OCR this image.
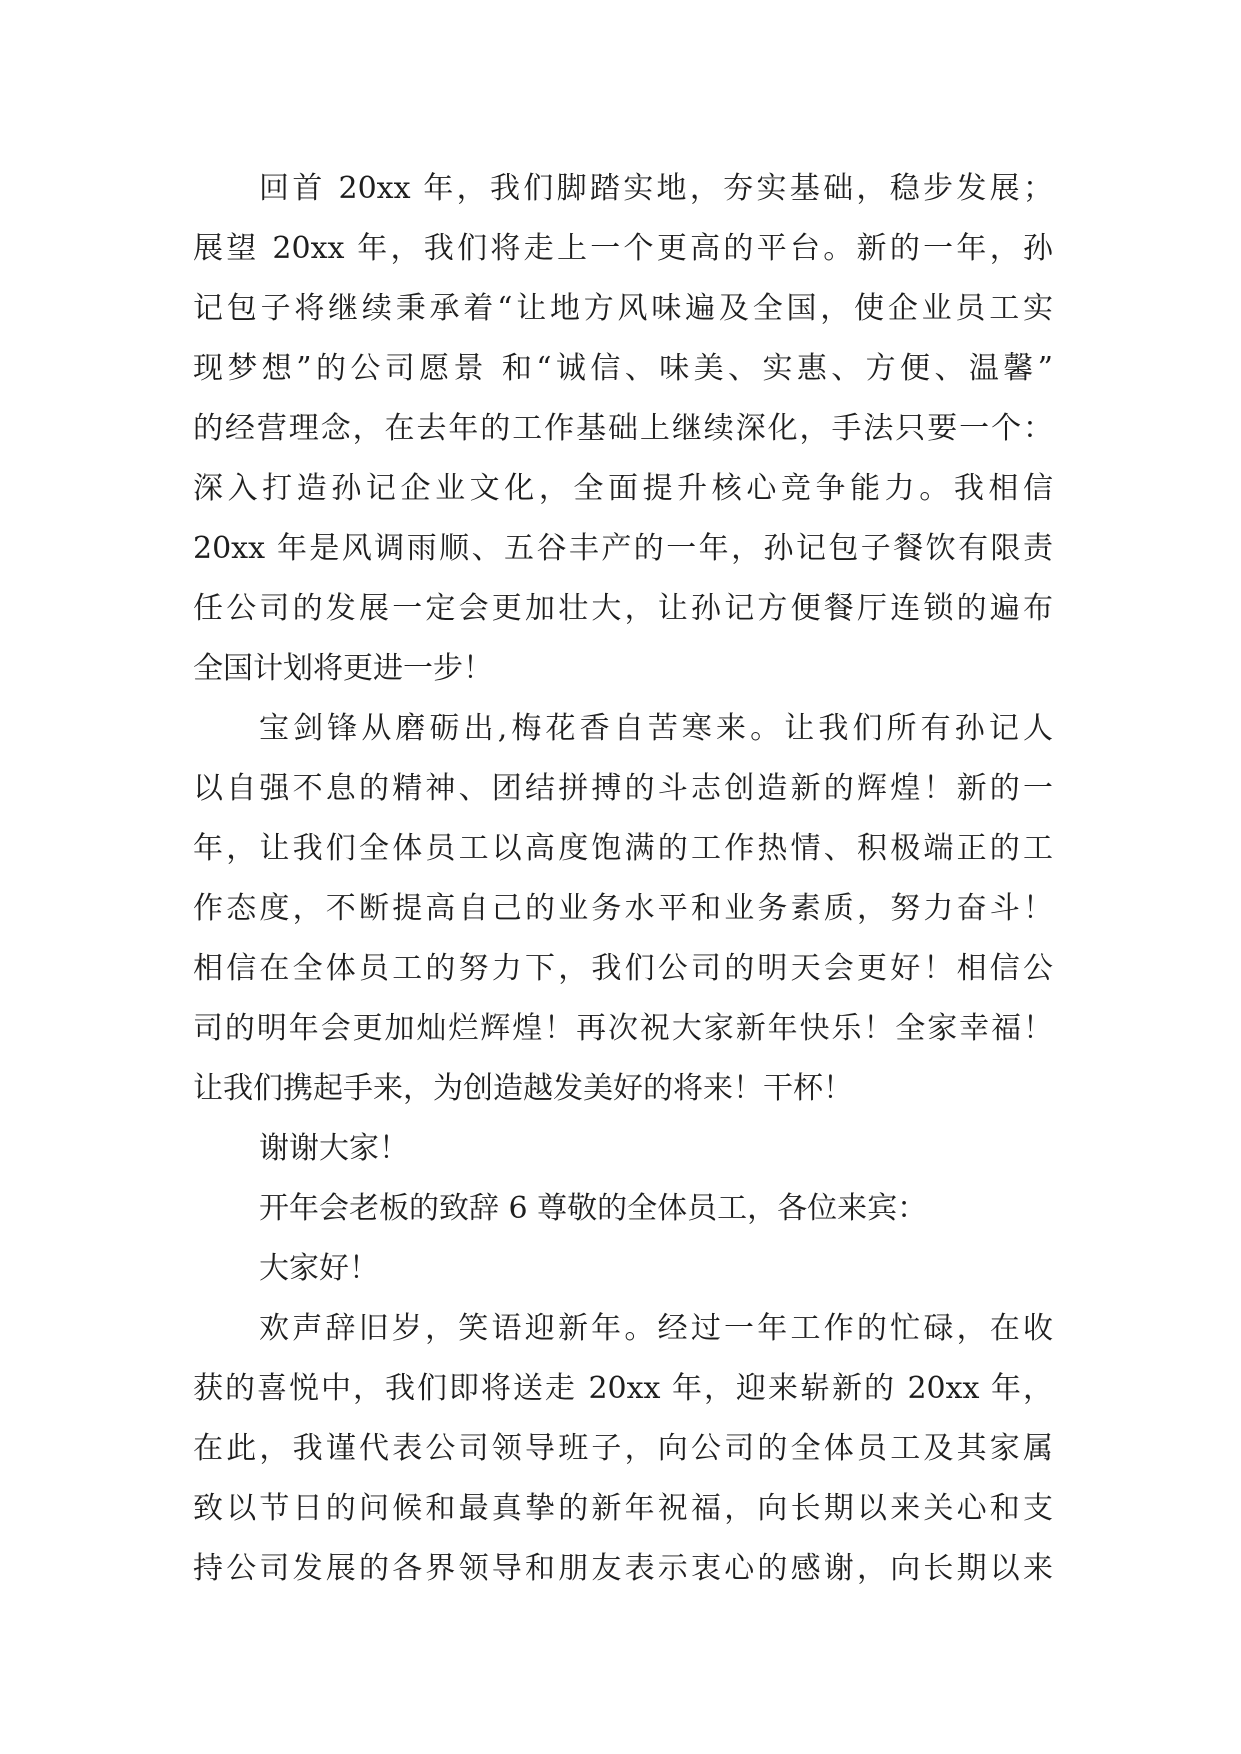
回首 20xx 年，我们脚踏实地，夯实基础，稳步发展；
展望 20xx 年，我们将走上一个更高的平台。新的一年，孙
记包子将继续秉承着“让地方风味遍及全国，使企业员工实
现梦想”的公司愿景 和“诚信、味美、实惠、方便、温馨”
的经营理念，在去年的工作基础上继续深化，手法只要一个：
深入打造孙记企业文化，全面提升核心竞争能力。我相信
20xx 年是风调雨顺、五谷丰产的一年，孙记包子餐饮有限责
任公司的发展一定会更加壮大，让孙记方便餐厅连锁的遍布
全国计划将更进一步！
宝剑锋从磨砺出,梅花香自苦寒来。让我们所有孙记人
以自强不息的精神、团结拼搏的斗志创造新的辉煌！新的一
年，让我们全体员工以高度饱满的工作热情、积极端正的工
作态度，不断提高自己的业务水平和业务素质，努力奋斗！
相信在全体员工的努力下，我们公司的明天会更好！相信公
司的明年会更加灿烂辉煌！再次祝大家新年快乐！全家幸福！
让我们携起手来，为创造越发美好的将来！干杯！
谢谢大家！
开年会老板的致辞 6 尊敬的全体员工，各位来宾：
大家好！
欢声辞旧岁，笑语迎新年。经过一年工作的忙碌，在收
获的喜悦中，我们即将送走 20xx 年，迎来崭新的 20xx 年，
在此，我谨代表公司领导班子，向公司的全体员工及其家属
致以节日的问候和最真挚的新年祝福，向长期以来关心和支
持公司发展的各界领导和朋友表示衷心的感谢，向长期以来
